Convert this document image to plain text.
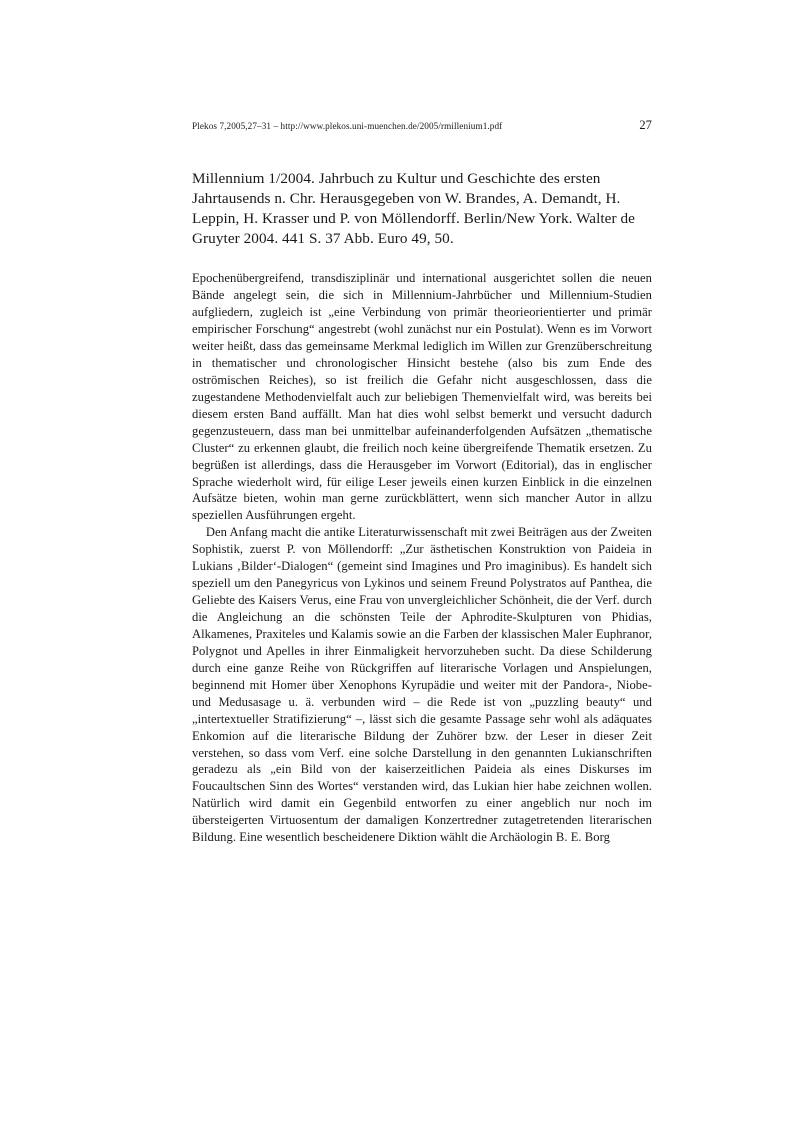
Plekos 7,2005,27–31 – http://www.plekos.uni-muenchen.de/2005/rmillenium1.pdf	27
Millennium 1/2004. Jahrbuch zu Kultur und Geschichte des ersten Jahrtausends n. Chr. Herausgegeben von W. Brandes, A. Demandt, H. Leppin, H. Krasser und P. von Möllendorff. Berlin/New York. Walter de Gruyter 2004. 441 S. 37 Abb. Euro 49, 50.

Epochenübergreifend, transdisziplinär und international ausgerichtet sollen die neuen Bände angelegt sein, die sich in Millennium-Jahrbücher und Millennium-Studien aufgliedern, zugleich ist „eine Verbindung von primär theorieorientierter und primär empirischer Forschung“ angestrebt (wohl zunächst nur ein Postulat). Wenn es im Vorwort weiter heißt, dass das gemeinsame Merkmal lediglich im Willen zur Grenzüberschreitung in thematischer und chronologischer Hinsicht bestehe (also bis zum Ende des oströmischen Reiches), so ist freilich die Gefahr nicht ausgeschlossen, dass die zugestandene Methodenvielfalt auch zur beliebigen Themenvielfalt wird, was bereits bei diesem ersten Band auffällt. Man hat dies wohl selbst bemerkt und versucht dadurch gegenzusteuern, dass man bei unmittelbar aufeinanderfolgenden Aufsätzen „thematische Cluster“ zu erkennen glaubt, die freilich noch keine übergreifende Thematik ersetzen. Zu begrüßen ist allerdings, dass die Herausgeber im Vorwort (Editorial), das in englischer Sprache wiederholt wird, für eilige Leser jeweils einen kurzen Einblick in die einzelnen Aufsätze bieten, wohin man gerne zurückblättert, wenn sich mancher Autor in allzu speziellen Ausführungen ergeht.

Den Anfang macht die antike Literaturwissenschaft mit zwei Beiträgen aus der Zweiten Sophistik, zuerst P. von Möllendorff: „Zur ästhetischen Konstruktion von Paideia in Lukians ‚Bilder‘-Dialogen“ (gemeint sind Imagines und Pro imaginibus). Es handelt sich speziell um den Panegyricus von Lykinos und seinem Freund Polystratos auf Panthea, die Geliebte des Kaisers Verus, eine Frau von unvergleichlicher Schönheit, die der Verf. durch die Angleichung an die schönsten Teile der Aphrodite-Skulpturen von Phidias, Alkamenes, Praxiteles und Kalamis sowie an die Farben der klassischen Maler Euphranor, Polygnot und Apelles in ihrer Einmaligkeit hervorzuheben sucht. Da diese Schilderung durch eine ganze Reihe von Rückgriffen auf literarische Vorlagen und Anspielungen, beginnend mit Homer über Xenophons Kyrupädie und weiter mit der Pandora-, Niobe- und Medusasage u. ä. verbunden wird – die Rede ist von „puzzling beauty“ und „intertextueller Stratifizierung“ –, lässt sich die gesamte Passage sehr wohl als adäquates Enkomion auf die literarische Bildung der Zuhörer bzw. der Leser in dieser Zeit verstehen, so dass vom Verf. eine solche Darstellung in den genannten Lukianschriften geradezu als „ein Bild von der kaiserzeitlichen Paideia als eines Diskurses im Foucaultschen Sinn des Wortes“ verstanden wird, das Lukian hier habe zeichnen wollen. Natürlich wird damit ein Gegenbild entworfen zu einer angeblich nur noch im übersteigerten Virtuosentum der damaligen Konzertredner zutagetretenden literarischen Bildung. Eine wesentlich bescheidenere Diktion wählt die Archäologin B. E. Borg
